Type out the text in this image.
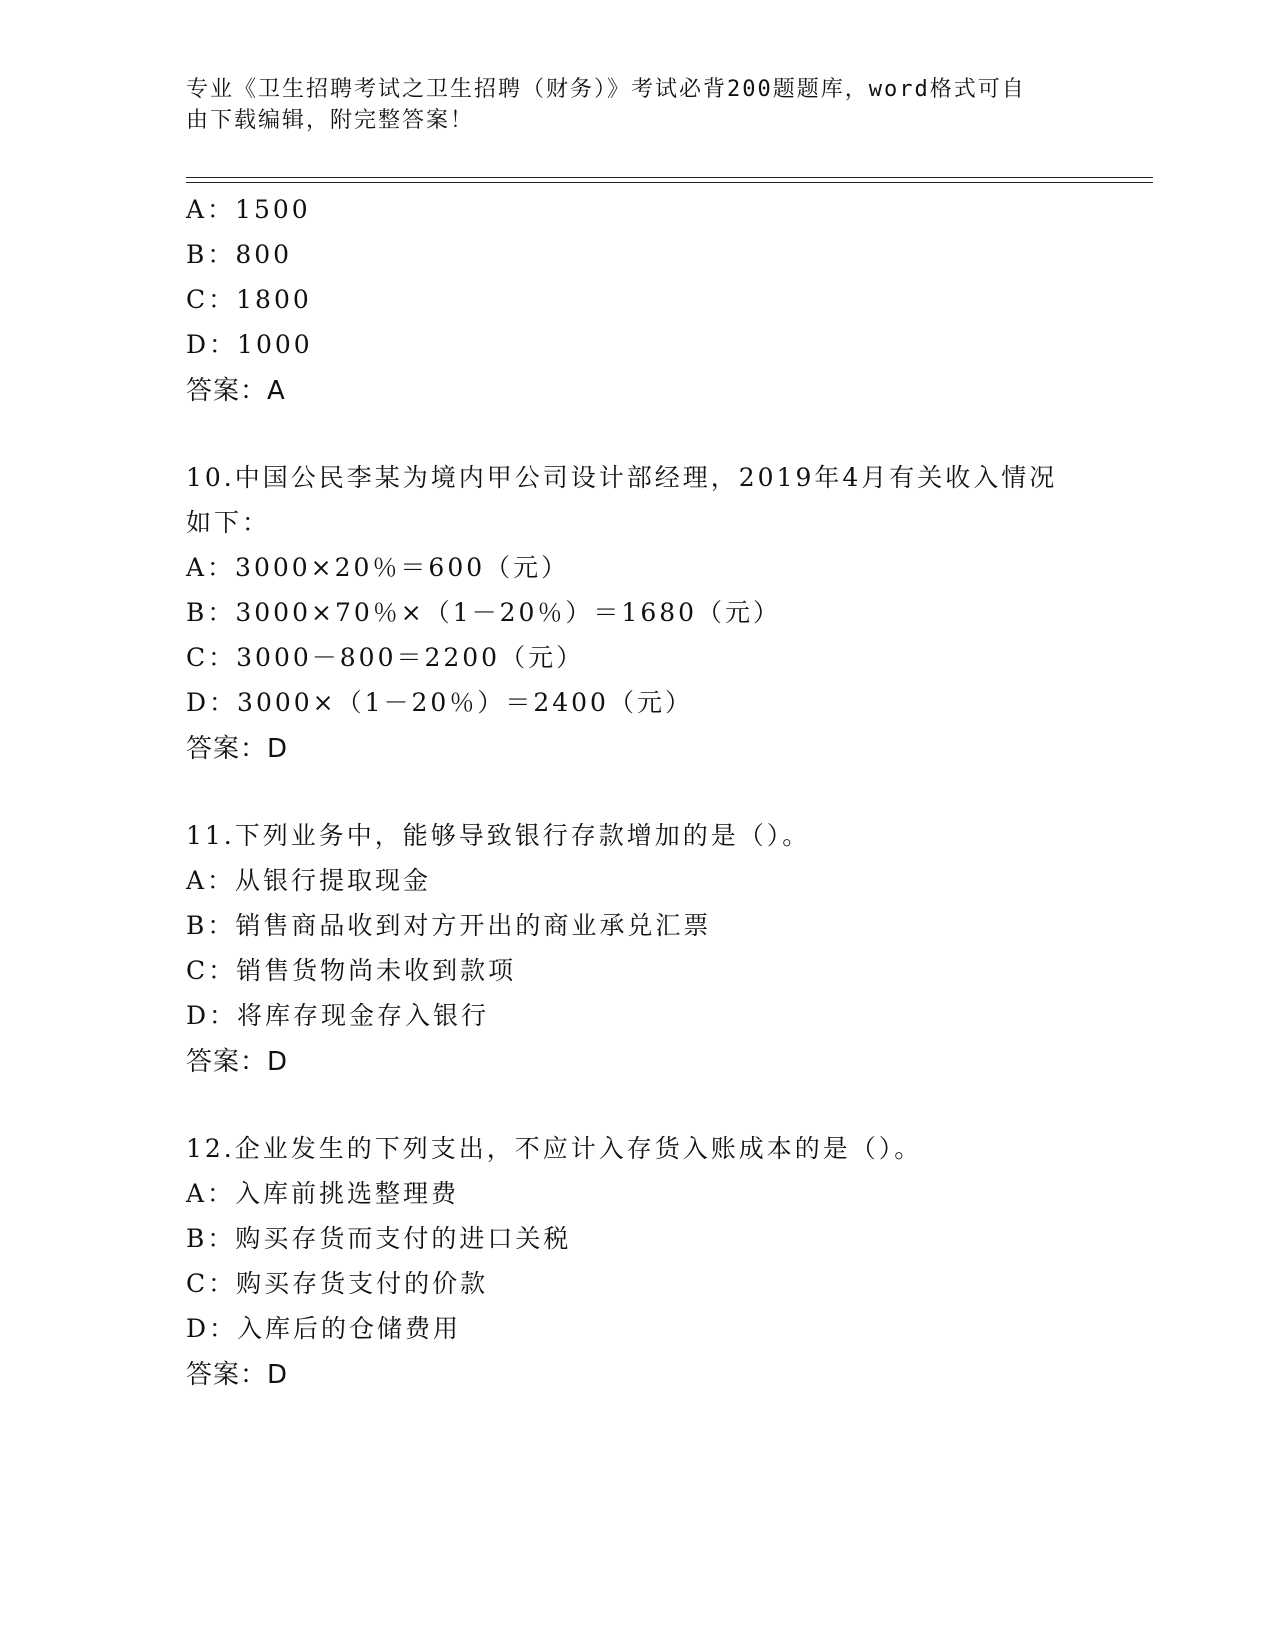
专业《卫生招聘考试之卫生招聘（财务）》考试必背200题题库，word格式可自
由下载编辑，附完整答案！
A：1500
B：800
C：1800
D：1000
答案：A
10.中国公民李某为境内甲公司设计部经理，2019年4月有关收入情况
如下：
A：3000×20％＝600（元）
B：3000×70％×（1－20％）＝1680（元）
C：3000－800＝2200（元）
D：3000×（1－20％）＝2400（元）
答案：D
11.下列业务中，能够导致银行存款增加的是（）。
A：从银行提取现金
B：销售商品收到对方开出的商业承兑汇票
C：销售货物尚未收到款项
D：将库存现金存入银行
答案：D
12.企业发生的下列支出，不应计入存货入账成本的是（）。
A：入库前挑选整理费
B：购买存货而支付的进口关税
C：购买存货支付的价款
D：入库后的仓储费用
答案：D
